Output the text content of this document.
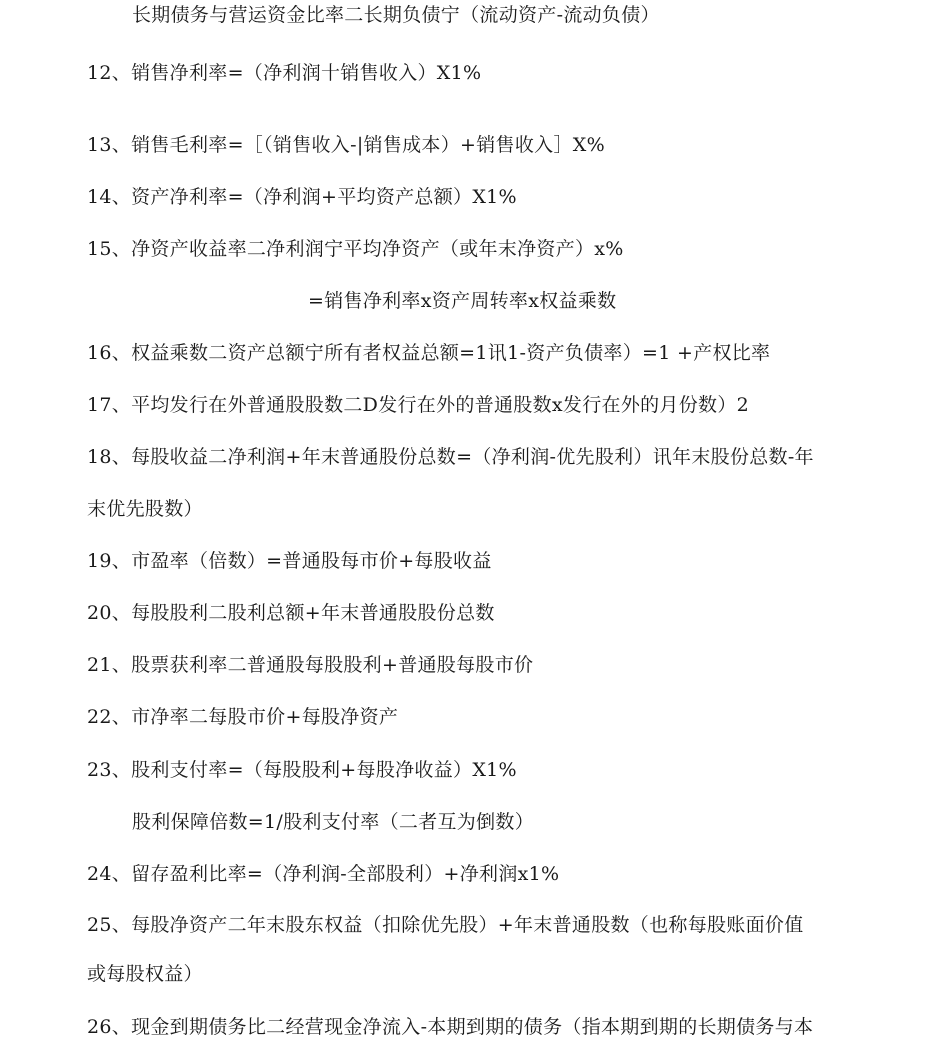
长期债务与营运资金比率二长期负债宁（流动资产-流动负债）
12、销售净利率=（净利润十销售收入）X1%
13、销售毛利率=［（销售收入-|销售成本）+销售收入］X%
14、资产净利率=（净利润+平均资产总额）X1%
15、净资产收益率二净利润宁平均净资产（或年末净资产）x%
=销售净利率x资产周转率x权益乘数
16、权益乘数二资产总额宁所有者权益总额=1讯1-资产负债率）=1 +产权比率
17、平均发行在外普通股股数二D发行在外的普通股数x发行在外的月份数）2
18、每股收益二净利润+年末普通股份总数=（净利润-优先股利）讯年末股份总数-年
末优先股数）
19、市盈率（倍数）=普通股每市价+每股收益
20、每股股利二股利总额+年末普通股股份总数
21、股票获利率二普通股每股股利+普通股每股市价
22、市净率二每股市价+每股净资产
23、股利支付率=（每股股利+每股净收益）X1%
股利保障倍数=1/股利支付率（二者互为倒数）
24、留存盈利比率=（净利润-全部股利）+净利润x1%
25、每股净资产二年末股东权益（扣除优先股）+年末普通股数（也称每股账面价值
或每股权益）
26、现金到期债务比二经营现金净流入-本期到期的债务（指本期到期的长期债务与本
